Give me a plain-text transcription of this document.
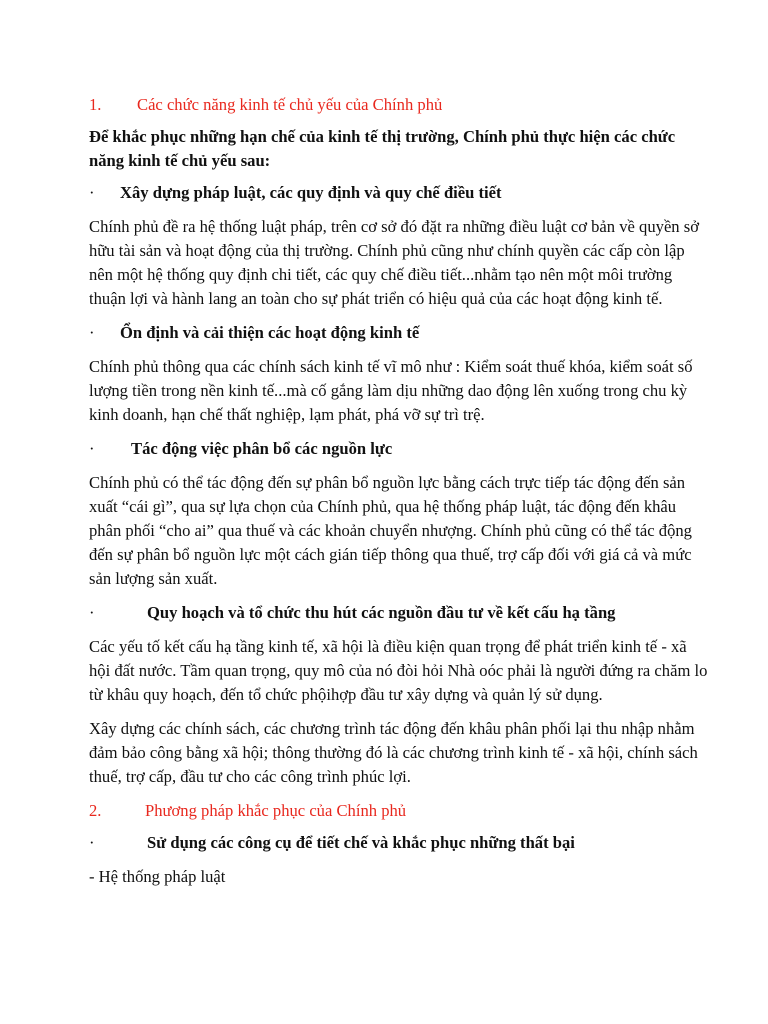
1.	Các chức năng kinh tế chủ yếu của Chính phủ

Để khắc phục những hạn chế của kinh tế thị trường, Chính phủ thực hiện các chức năng kinh tế chủ yếu sau:

·	Xây dựng pháp luật, các quy định và quy chế điều tiết

Chính phủ đề ra hệ thống luật pháp, trên cơ sở đó đặt ra những điều luật cơ bản về quyền sở hữu tài sản và hoạt động của thị trường. Chính phủ cũng như chính quyền các cấp còn lập nên một hệ thống quy định chi tiết, các quy chế điều tiết...nhằm tạo nên một môi trường thuận lợi và hành lang an toàn cho sự phát triển có hiệu quả của các hoạt động kinh tế.

·	Ổn định và cải thiện các hoạt động kinh tế

Chính phủ thông qua các chính sách kinh tế vĩ mô như : Kiểm soát thuế khóa, kiểm soát số lượng tiền trong nền kinh tế...mà cố gắng làm dịu những dao động lên xuống trong chu kỳ kinh doanh, hạn chế thất nghiệp, lạm phát, phá vỡ sự trì trệ.

·	Tác động việc phân bổ các nguồn lực

Chính phủ có thể tác động đến sự phân bổ nguồn lực bằng cách trực tiếp tác động đến sản xuất “cái gì”, qua sự lựa chọn của Chính phủ, qua hệ thống pháp luật, tác động đến khâu phân phối “cho ai” qua thuế và các khoản chuyển nhượng. Chính phủ cũng có thể tác động đến sự phân bổ nguồn lực một cách gián tiếp thông qua thuế, trợ cấp đối với giá cả và mức sản lượng sản xuất.

·	Quy hoạch và tổ chức thu hút các nguồn đầu tư về kết cấu hạ tầng

Các yếu tố kết cấu hạ tầng kinh tế, xã hội là điều kiện quan trọng để phát triển kinh tế - xã hội đất nước. Tầm quan trọng, quy mô của nó đòi hỏi Nhà oóc phải là người đứng ra chăm lo từ khâu quy hoạch, đến tổ chức phộihợp đầu tư xây dựng và quản lý sử dụng.

Xây dựng các chính sách, các chương trình tác động đến khâu phân phối lại thu nhập nhằm đảm bảo công bằng xã hội; thông thường đó là các chương trình kinh tế - xã hội, chính sách thuế, trợ cấp, đầu tư cho các công trình phúc lợi.

2.	Phương pháp khắc phục của Chính phủ
·	Sử dụng các công cụ để tiết chế và khắc phục những thất bại

- Hệ thống pháp luật
